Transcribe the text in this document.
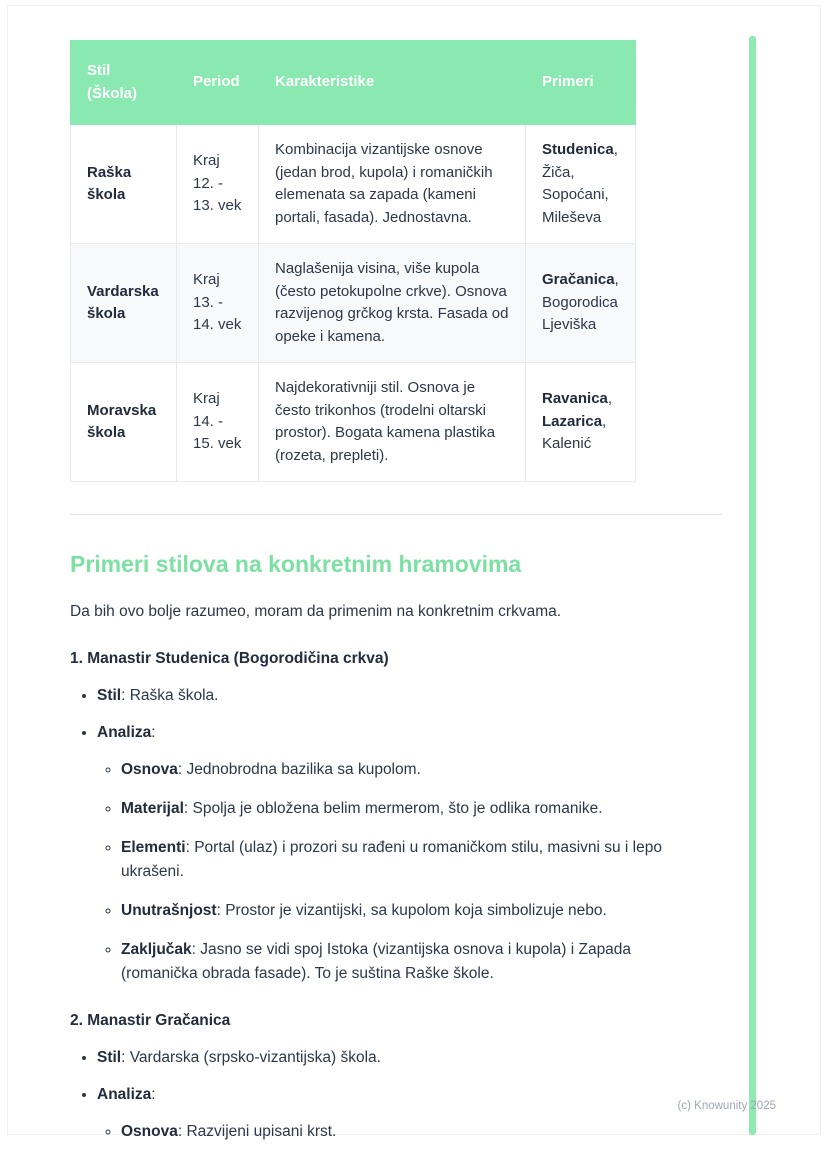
Stil (Škola)	Period	Karakteristike	Primeri
Raška škola	Kraj 12. - 13. vek	Kombinacija vizantijske osnove (jedan brod, kupola) i romaničkih elemenata sa zapada (kameni portali, fasada). Jednostavna.	Studenica, Žiča, Sopoćani, Mileševa
Vardarska škola	Kraj 13. - 14. vek	Naglašenija visina, više kupola (često petokupolne crkve). Osnova razvijenog grčkog krsta. Fasada od opeke i kamena.	Gračanica, Bogorodica Ljeviška
Moravska škola	Kraj 14. - 15. vek	Najdekorativniji stil. Osnova je često trikonhos (trodelni oltarski prostor). Bogata kamena plastika (rozeta, prepleti).	Ravanica, Lazarica, Kalenić
Primeri stilova na konkretnim hramovima

Da bih ovo bolje razumeo, moram da primenim na konkretnim crkvama.

1. Manastir Studenica (Bogorodičina crkva)
• Stil: Raška škola.
• Analiza:
◦ Osnova: Jednobrodna bazilika sa kupolom.
◦ Materijal: Spolja je obložena belim mermerom, što je odlika romanike.
◦ Elementi: Portal (ulaz) i prozori su rađeni u romaničkom stilu, masivni su i lepo ukrašeni.
◦ Unutrašnjost: Prostor je vizantijski, sa kupolom koja simbolizuje nebo.
◦ Zaključak: Jasno se vidi spoj Istoka (vizantijska osnova i kupola) i Zapada (romanička obrada fasade). To je suština Raške škole.
2. Manastir Gračanica
• Stil: Vardarska (srpsko-vizantijska) škola.
• Analiza:
◦ Osnova: Razvijeni upisani krst.
(c) Knowunity 2025
